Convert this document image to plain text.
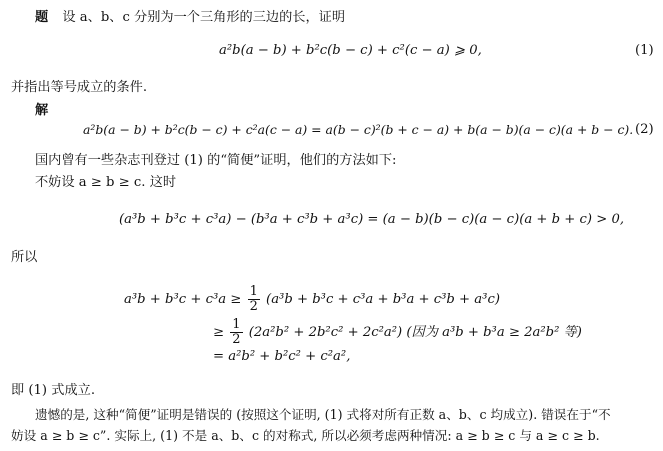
题 设 a、b、c 分别为一个三角形的三边的长，证明
a²b(a − b) + b²c(b − c) + c²(c − a) ⩾ 0,	(1)
并指出等号成立的条件.
解
a²b(a − b) + b²c(b − c) + c²a(c − a) = a(b − c)²(b + c − a) + b(a − b)(a − c)(a + b − c). (2)
国内曾有一些杂志刊登过 (1) 的“简便”证明，他们的方法如下:
不妨设 a ≥ b ≥ c. 这时
(a³b + b³c + c³a) − (b³a + c³b + a³c) = (a − b)(b − c)(a − c)(a + b + c) > 0,
所以
$a^3b + b^3c + c^3a \ge \frac{1}{2} (a^3b + b^3c + c^3a + b^3a + c^3b + a^3c)$
≥ $\frac{1}{2} (2a^2b^2 + 2b^2c^2 + 2c^2a^2)$ (因为 a³b + b³a ≥ 2a²b² 等)
= a²b² + b²c² + c²a²,
即 (1) 式成立.
遗憾的是, 这种“简便”证明是错误的 (按照这个证明, (1) 式将对所有正数 a、b、c 均成立). 错误在于“不
妨设 a ≥ b ≥ c”. 实际上, (1) 不是 a、b、c 的对称式, 所以必须考虑两种情况: a ≥ b ≥ c 与 a ≥ c ≥ b.
